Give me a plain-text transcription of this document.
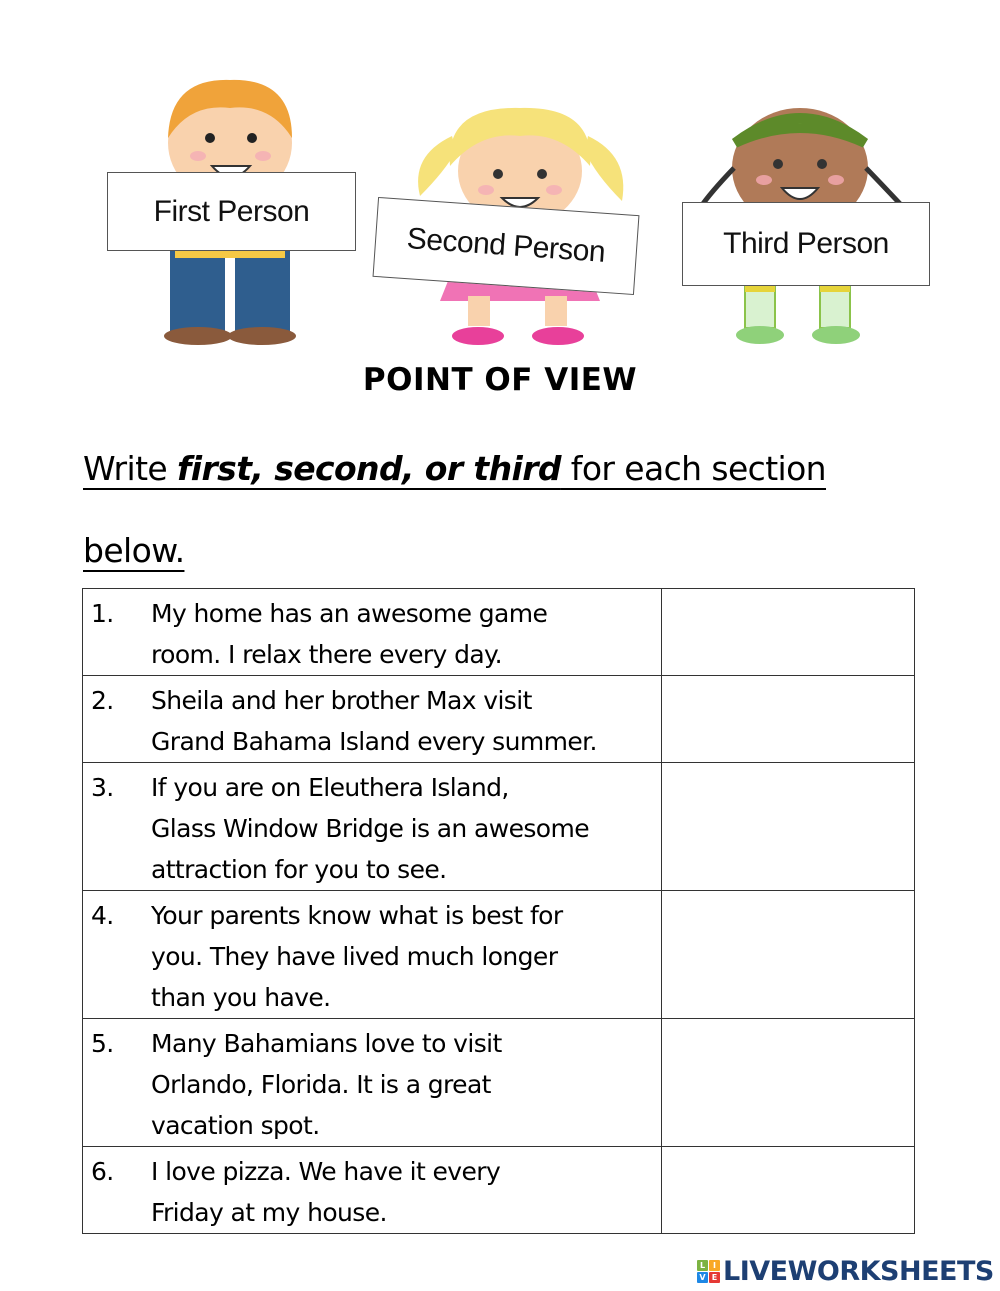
First Person
Second Person	Third Person
POINT OF VIEW
Write first, second, or third for each section
below.
1. My home has an awesome game
room. I relax there every day.	

2. Sheila and her brother Max visit
Grand Bahama Island every summer.	

3. If you are on Eleuthera Island,
Glass Window Bridge is an awesome
attraction for you to see.	

4. Your parents know what is best for
you. They have lived much longer
than you have.	

5. Many Bahamians love to visit
Orlando, Florida. It is a great
vacation spot.	

6. I love pizza. We have it every
Friday at my house.	

L I
V E LIVEWORKSHEETS
